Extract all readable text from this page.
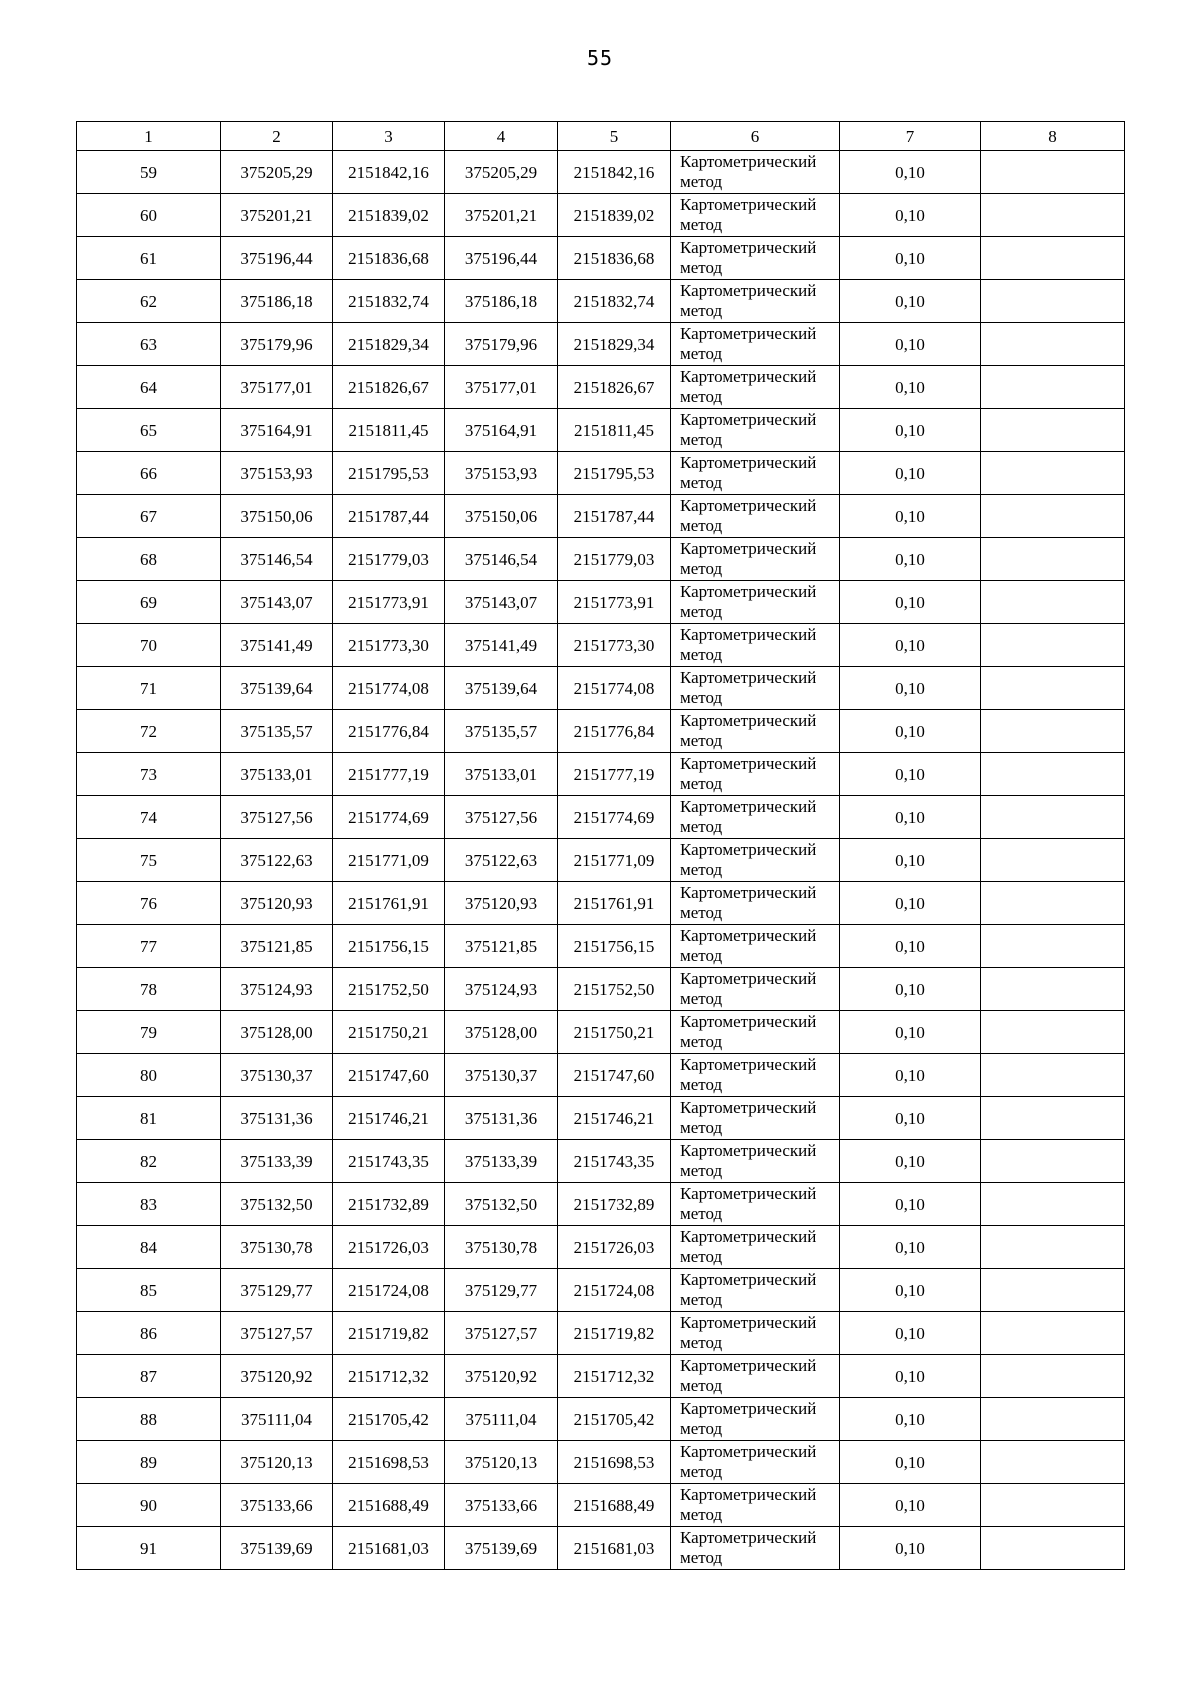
55
1	2	3	4	5	6	7	8
59	375205,29	2151842,16	375205,29	2151842,16	Картометрический метод	0,10	
60	375201,21	2151839,02	375201,21	2151839,02	Картометрический метод	0,10	
61	375196,44	2151836,68	375196,44	2151836,68	Картометрический метод	0,10	
62	375186,18	2151832,74	375186,18	2151832,74	Картометрический метод	0,10	
63	375179,96	2151829,34	375179,96	2151829,34	Картометрический метод	0,10	
64	375177,01	2151826,67	375177,01	2151826,67	Картометрический метод	0,10	
65	375164,91	2151811,45	375164,91	2151811,45	Картометрический метод	0,10	
66	375153,93	2151795,53	375153,93	2151795,53	Картометрический метод	0,10	
67	375150,06	2151787,44	375150,06	2151787,44	Картометрический метод	0,10	
68	375146,54	2151779,03	375146,54	2151779,03	Картометрический метод	0,10	
69	375143,07	2151773,91	375143,07	2151773,91	Картометрический метод	0,10	
70	375141,49	2151773,30	375141,49	2151773,30	Картометрический метод	0,10	
71	375139,64	2151774,08	375139,64	2151774,08	Картометрический метод	0,10	
72	375135,57	2151776,84	375135,57	2151776,84	Картометрический метод	0,10	
73	375133,01	2151777,19	375133,01	2151777,19	Картометрический метод	0,10	
74	375127,56	2151774,69	375127,56	2151774,69	Картометрический метод	0,10	
75	375122,63	2151771,09	375122,63	2151771,09	Картометрический метод	0,10	
76	375120,93	2151761,91	375120,93	2151761,91	Картометрический метод	0,10	
77	375121,85	2151756,15	375121,85	2151756,15	Картометрический метод	0,10	
78	375124,93	2151752,50	375124,93	2151752,50	Картометрический метод	0,10	
79	375128,00	2151750,21	375128,00	2151750,21	Картометрический метод	0,10	
80	375130,37	2151747,60	375130,37	2151747,60	Картометрический метод	0,10	
81	375131,36	2151746,21	375131,36	2151746,21	Картометрический метод	0,10	
82	375133,39	2151743,35	375133,39	2151743,35	Картометрический метод	0,10	
83	375132,50	2151732,89	375132,50	2151732,89	Картометрический метод	0,10	
84	375130,78	2151726,03	375130,78	2151726,03	Картометрический метод	0,10	
85	375129,77	2151724,08	375129,77	2151724,08	Картометрический метод	0,10	
86	375127,57	2151719,82	375127,57	2151719,82	Картометрический метод	0,10	
87	375120,92	2151712,32	375120,92	2151712,32	Картометрический метод	0,10	
88	375111,04	2151705,42	375111,04	2151705,42	Картометрический метод	0,10	
89	375120,13	2151698,53	375120,13	2151698,53	Картометрический метод	0,10	
90	375133,66	2151688,49	375133,66	2151688,49	Картометрический метод	0,10	
91	375139,69	2151681,03	375139,69	2151681,03	Картометрический метод	0,10	
